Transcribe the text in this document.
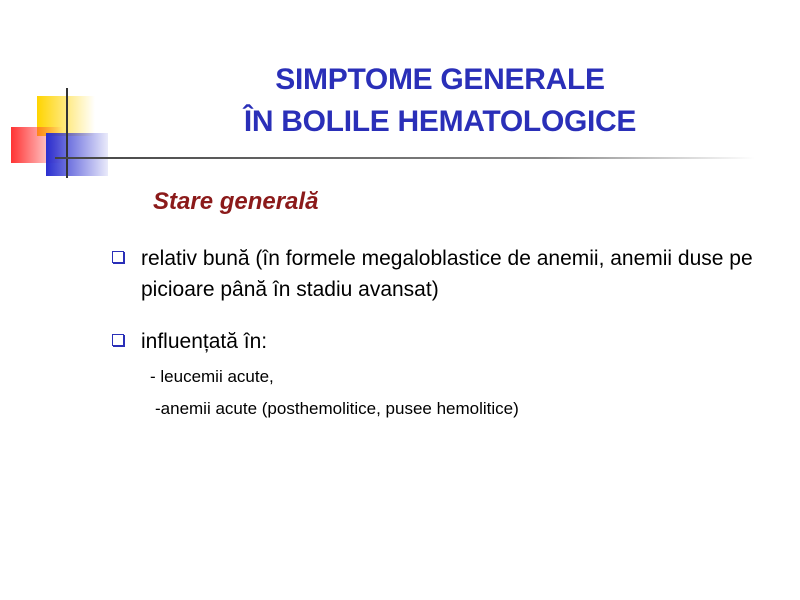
SIMPTOME GENERALE
ÎN BOLILE HEMATOLOGICE
Stare generală
relativ bună (în formele megaloblastice de anemii, anemii duse pe picioare până în stadiu avansat)
influențată în:
- leucemii acute,
-anemii acute (posthemolitice, pusee hemolitice)
